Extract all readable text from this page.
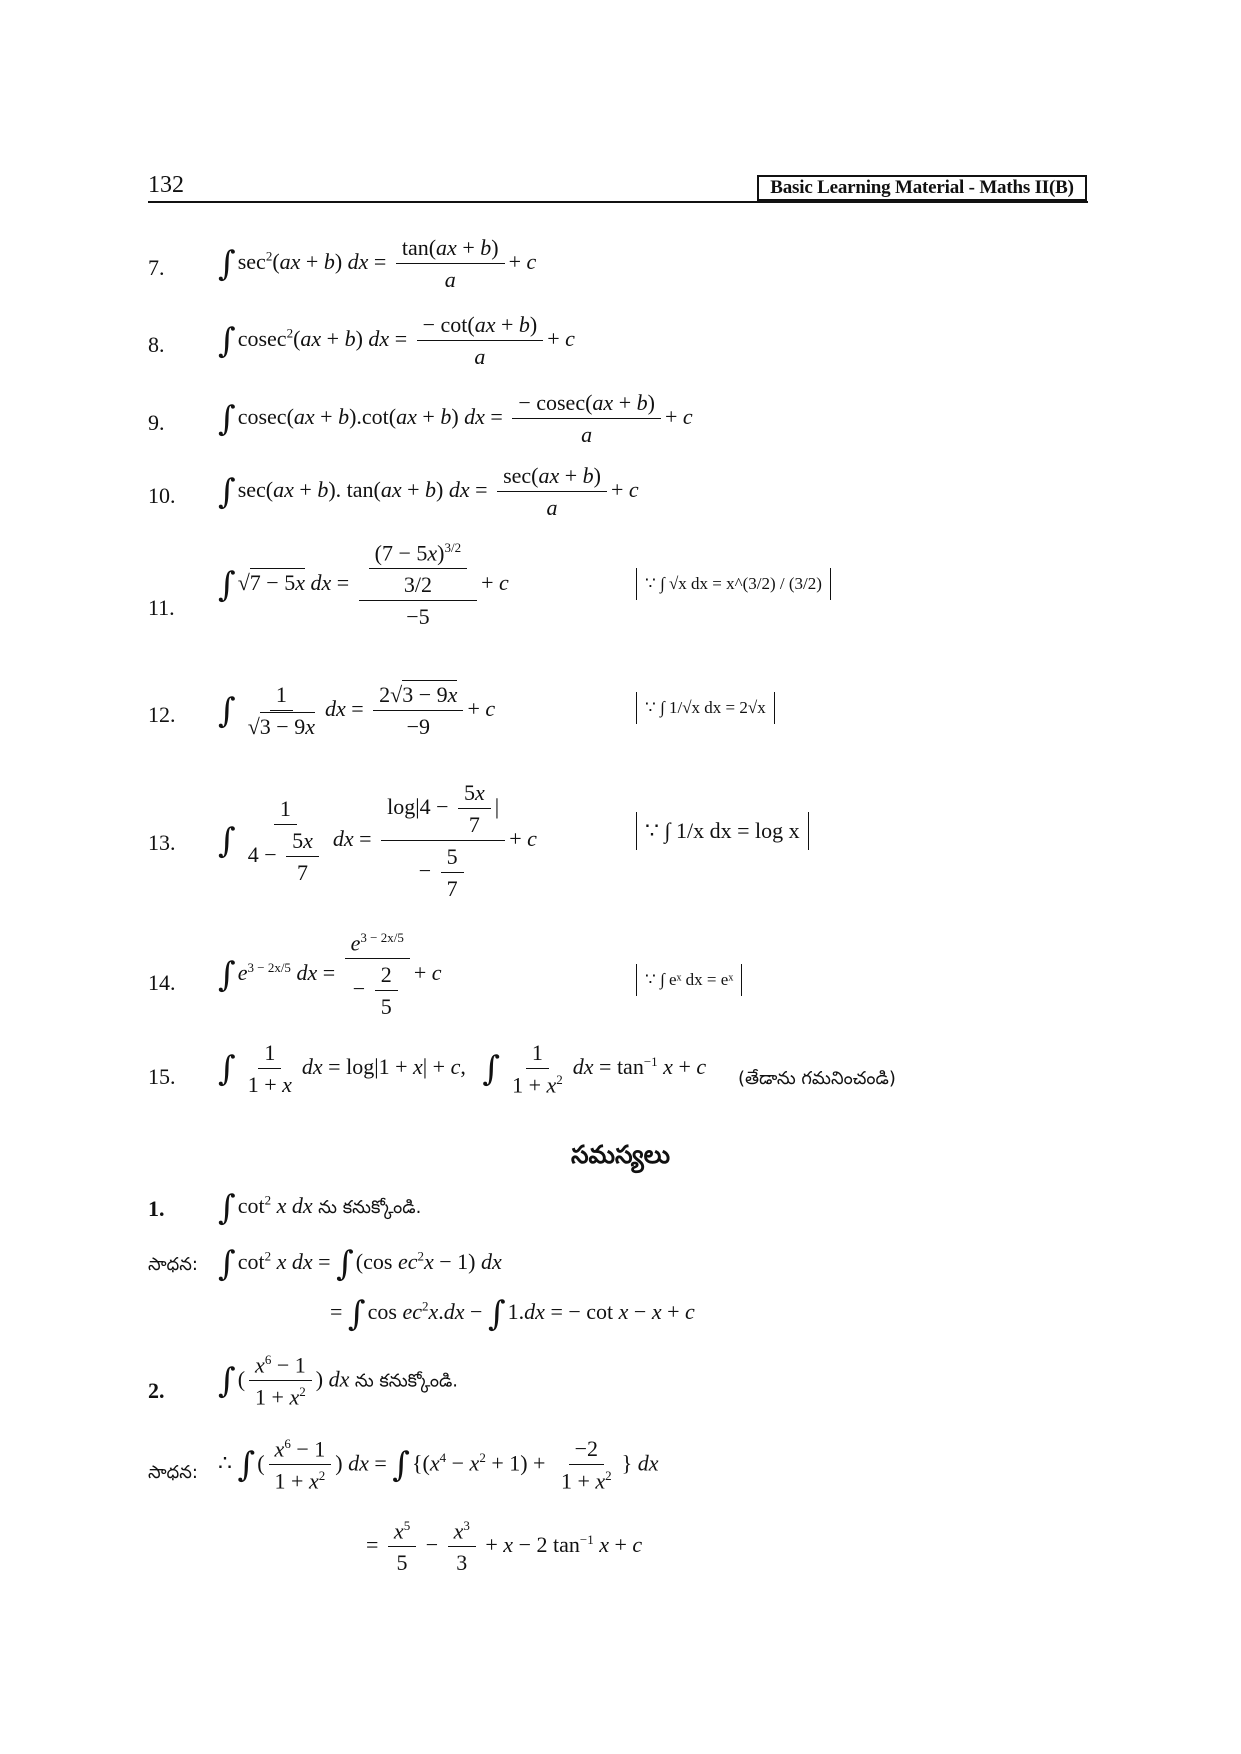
132	Basic Learning Material - Maths II(B)
7. $\int\sec^2(ax + b)$ dx = $\frac{\tan(ax + b)}{a} + c$
8. ∫cosec$^2$(ax + b) dx = $\frac{- \cot(ax + b)}{a} + c$
9. ∫cosec(ax + b).cot(ax + b) dx = $\frac{- cosec(ax + b)}{a} + c$
10. ∫sec(ax + b). tan(ax + b) dx = $\frac{\sec(ax + b)}{a} + c$
11.
∫√7 − 5x dx = $\frac{\frac{(7 - 5x)^{3/2}}{3/2}}{-5} + c$	∵ ∫ √x dx = x^(3/2) / (3/2)
12. ∫ $\frac{1}{√3 - 9x}$ dx = $\frac{2√3 - 9x}{-9} + c$	∵ ∫ 1/√x dx = 2√x
13. ∫ $\frac{1}{4 - \frac{5x}{7}}$ dx = $\frac{\log|4 - \frac{5x}{7} |}{- \frac{5}{7}} + c$	∵ ∫ 1/x dx = log x
14. $\int e^{3 - 2x/5}$ dx = $\frac{e^{3 - 2x/5}}{- \frac{2}{5}} + c$	∵ ∫ eˣ dx = eˣ
15. ∫ $\frac{1}{1 + x}$ dx = log|1 + x| + c,   ∫ $\frac{1}{1 + x^2}$ dx = $\tan^{-1} x + c$ (తేడాను గమనించండి)
సమస్యలు
1. $\int\cot^2$ x dx ను కనుక్కోండి.
సాధన: $\int\cot^2$ x dx = ∫(cos $ec^2x - 1$) dx
= ∫cos $ec^2x.dx - \int 1.dx$ = − cot x − x + c
2. ∫( $\frac{x^6 - 1}{1 + x^2}$ ) dx ను కనుక్కోండి.
సాధన: ∴ ∫( $\frac{x^6 - 1}{1 + x^2}$ ) dx = $\int\{(x^4 - x^2 + 1) + \frac{-2}{1 + x^2}$ } dx
= $\frac{x^5}{5} - \frac{x^3}{3} + x - 2$ $\tan^{-1} x + c$
